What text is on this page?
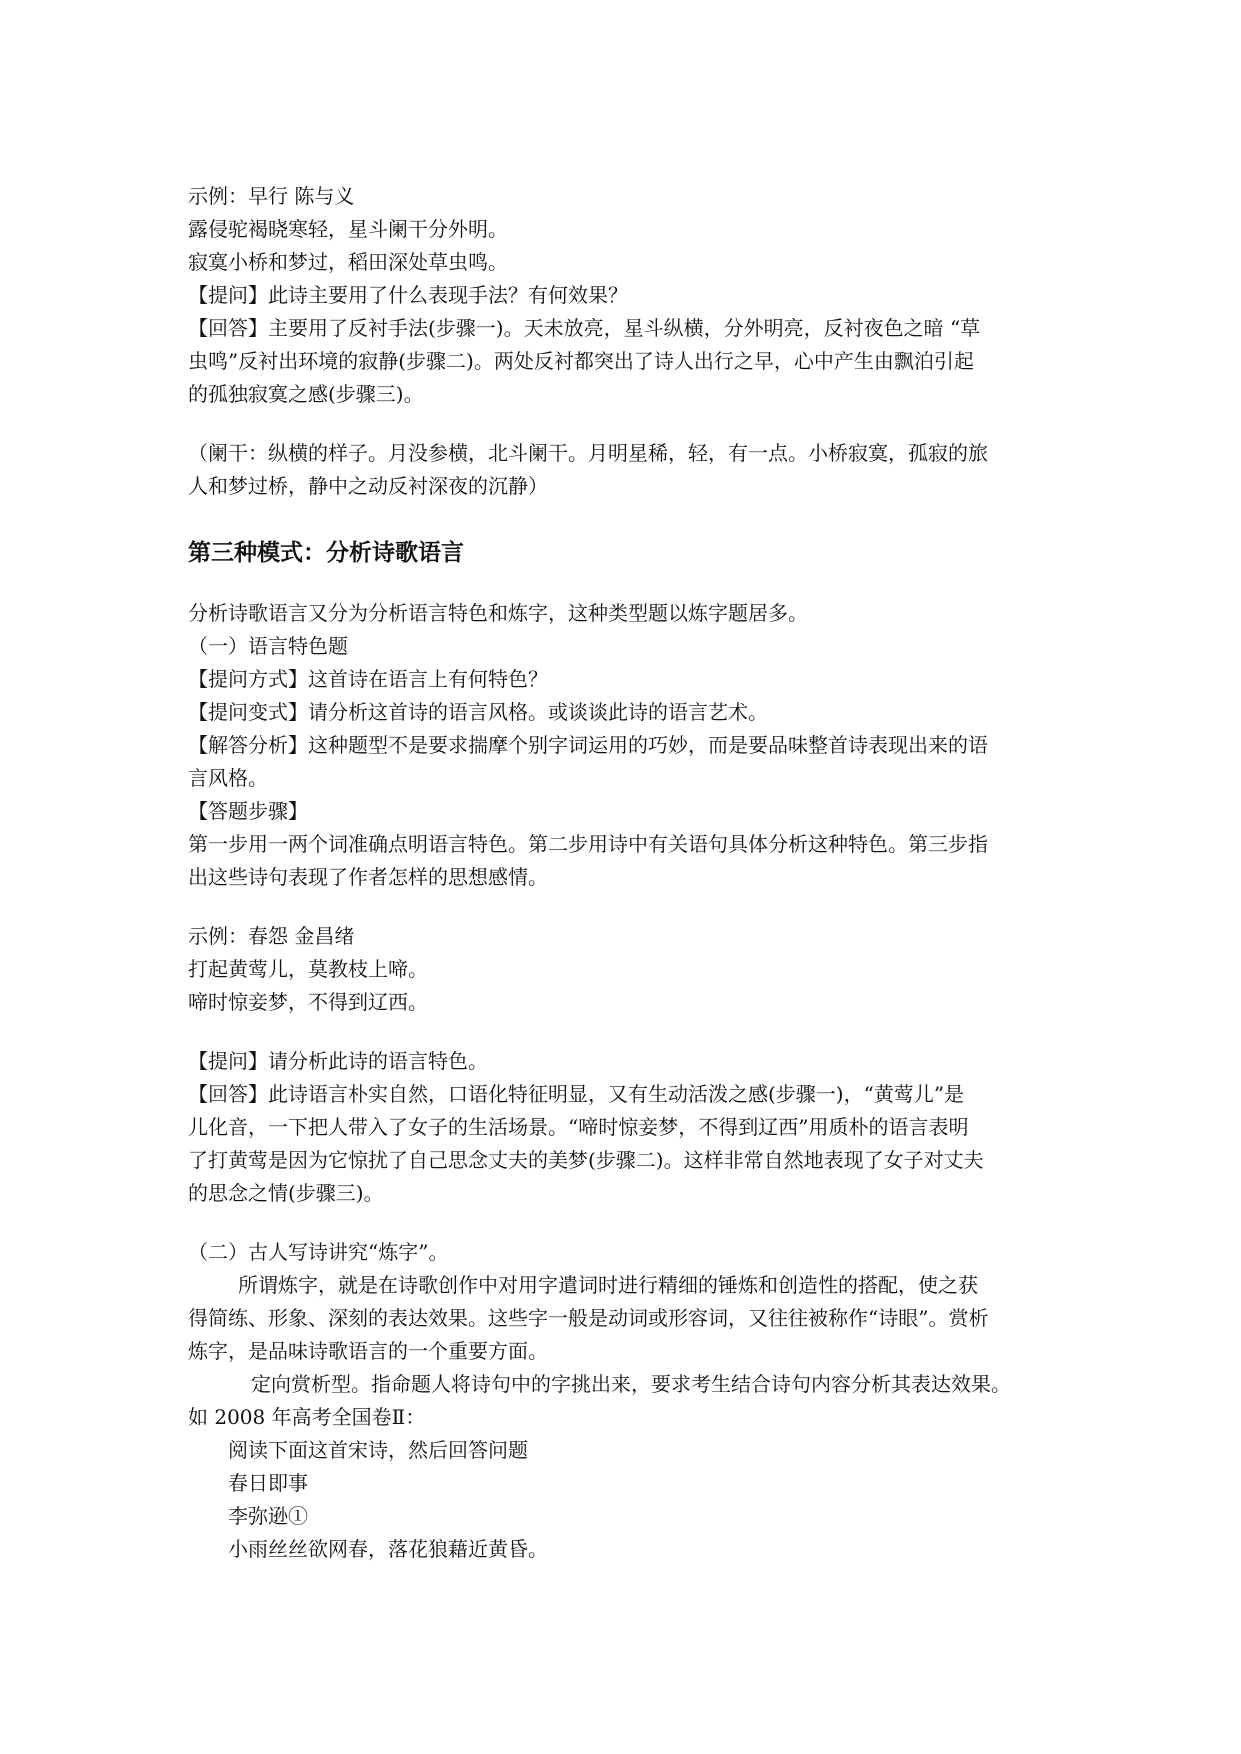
示例：早行 陈与义

露侵驼褐晓寒轻，星斗阑干分外明。

寂寞小桥和梦过，稻田深处草虫鸣。

【提问】此诗主要用了什么表现手法？有何效果？

【回答】主要用了反衬手法(步骤一)。天未放亮，星斗纵横，分外明亮，反衬夜色之暗 “草

虫鸣”反衬出环境的寂静(步骤二)。两处反衬都突出了诗人出行之早，心中产生由飘泊引起

的孤独寂寞之感(步骤三)。

（阑干：纵横的样子。月没参横，北斗阑干。月明星稀，轻，有一点。小桥寂寞，孤寂的旅

人和梦过桥，静中之动反衬深夜的沉静）

第三种模式：分析诗歌语言

分析诗歌语言又分为分析语言特色和炼字，这种类型题以炼字题居多。

（一）语言特色题

【提问方式】这首诗在语言上有何特色？

【提问变式】请分析这首诗的语言风格。或谈谈此诗的语言艺术。

【解答分析】这种题型不是要求揣摩个别字词运用的巧妙，而是要品味整首诗表现出来的语

言风格。

【答题步骤】

第一步用一两个词准确点明语言特色。第二步用诗中有关语句具体分析这种特色。第三步指

出这些诗句表现了作者怎样的思想感情。

示例：春怨 金昌绪

打起黄莺儿，莫教枝上啼。

啼时惊妾梦，不得到辽西。

【提问】请分析此诗的语言特色。

【回答】此诗语言朴实自然，口语化特征明显，又有生动活泼之感(步骤一)，“黄莺儿”是

儿化音，一下把人带入了女子的生活场景。“啼时惊妾梦，不得到辽西”用质朴的语言表明

了打黄莺是因为它惊扰了自己思念丈夫的美梦(步骤二)。这样非常自然地表现了女子对丈夫

的思念之情(步骤三)。

（二）古人写诗讲究“炼字”。

所谓炼字，就是在诗歌创作中对用字遣词时进行精细的锤炼和创造性的搭配，使之获

得简练、形象、深刻的表达效果。这些字一般是动词或形容词，又往往被称作“诗眼”。赏析

炼字，是品味诗歌语言的一个重要方面。

定向赏析型。指命题人将诗句中的字挑出来，要求考生结合诗句内容分析其表达效果。

如 2008 年高考全国卷Ⅱ：

阅读下面这首宋诗，然后回答问题

春日即事

李弥逊①

小雨丝丝欲网春，落花狼藉近黄昏。
